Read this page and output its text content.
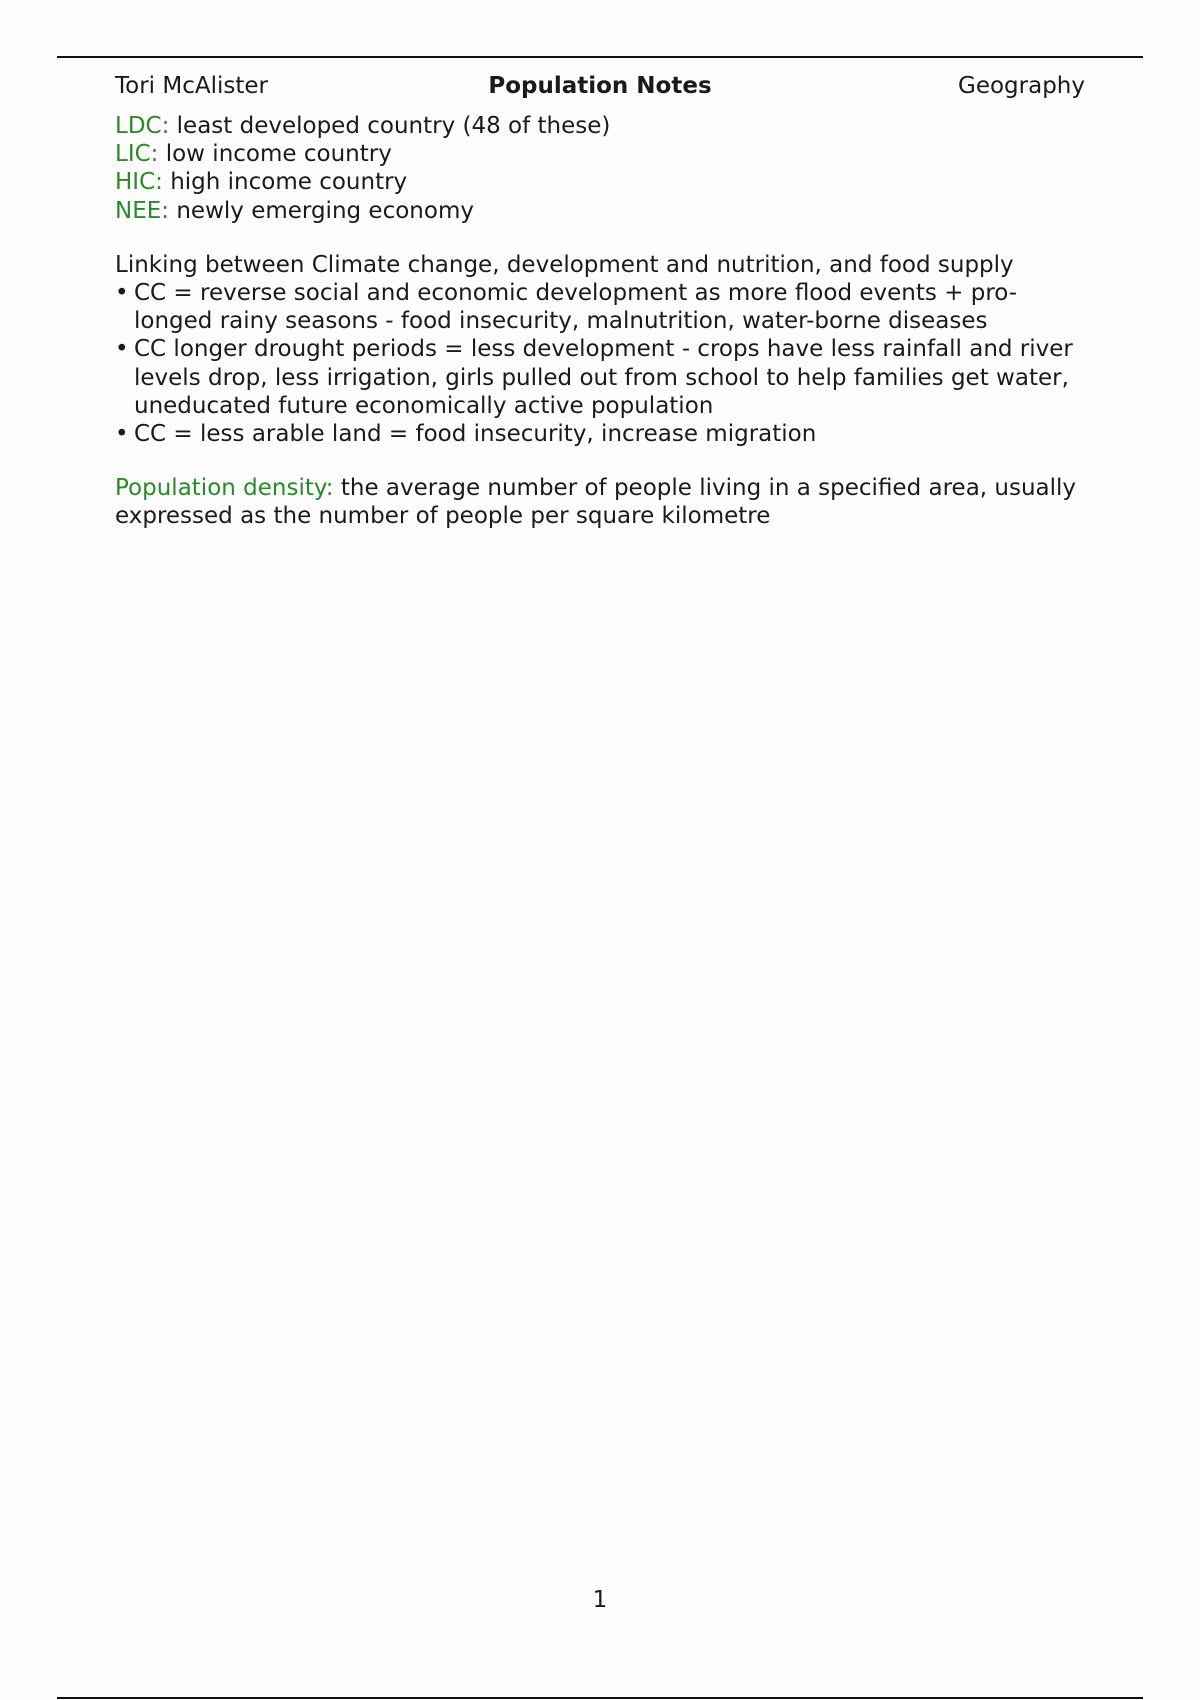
Tori McAlister	Population Notes	Geography
LDC: least developed country (48 of these)
LIC: low income country
HIC: high income country
NEE: newly emerging economy
Linking between Climate change, development and nutrition, and food supply
• CC = reverse social and economic development as more flood events + pro- longed rainy seasons - food insecurity, malnutrition, water-borne diseases
• CC longer drought periods = less development - crops have less rainfall and river levels drop, less irrigation, girls pulled out from school to help families get water, uneducated future economically active population
• CC = less arable land = food insecurity, increase migration
Population density: the average number of people living in a specified area, usually expressed as the number of people per square kilometre
1
